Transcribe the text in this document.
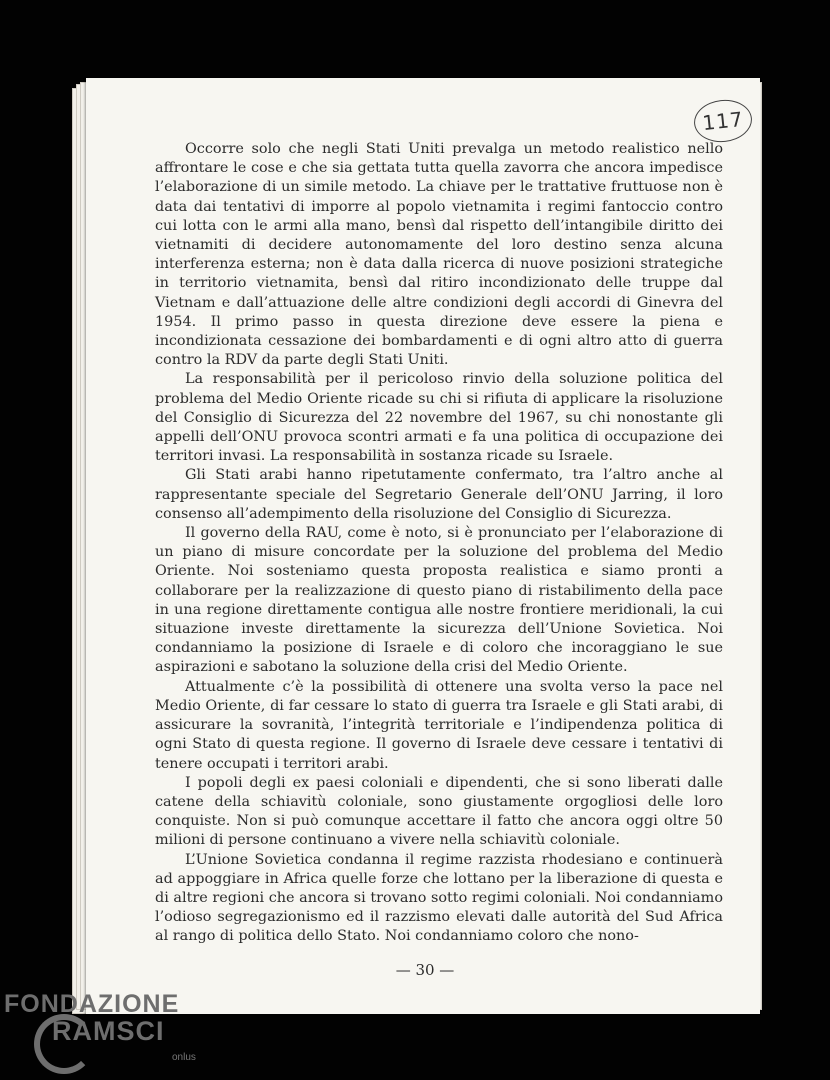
117

Occorre solo che negli Stati Uniti prevalga un metodo realistico nello affrontare le cose e che sia gettata tutta quella zavorra che ancora impedisce l’elaborazione di un simile metodo. La chiave per le trattative fruttuose non è data dai tentativi di imporre al popolo vietnamita i regimi fantoccio contro cui lotta con le armi alla mano, bensì dal rispetto dell’intangibile diritto dei vietnamiti di decidere autonomamente del loro destino senza alcuna interferenza esterna; non è data dalla ricerca di nuove posizioni strategiche in territorio vietnamita, bensì dal ritiro incondizionato delle truppe dal Vietnam e dall’attuazione delle altre condizioni degli accordi di Ginevra del 1954. Il primo passo in questa direzione deve essere la piena e incondizionata cessazione dei bombardamenti e di ogni altro atto di guerra contro la RDV da parte degli Stati Uniti.

La responsabilità per il pericoloso rinvio della soluzione politica del problema del Medio Oriente ricade su chi si rifiuta di applicare la risoluzione del Consiglio di Sicurezza del 22 novembre del 1967, su chi nonostante gli appelli dell’ONU provoca scontri armati e fa una politica di occupazione dei territori invasi. La responsabilità in sostanza ricade su Israele.

Gli Stati arabi hanno ripetutamente confermato, tra l’altro anche al rappresentante speciale del Segretario Generale dell’ONU Jarring, il loro consenso all’adempimento della risoluzione del Consiglio di Sicurezza.

Il governo della RAU, come è noto, si è pronunciato per l’elaborazione di un piano di misure concordate per la soluzione del problema del Medio Oriente. Noi sosteniamo questa proposta realistica e siamo pronti a collaborare per la realizzazione di questo piano di ristabilimento della pace in una regione direttamente contigua alle nostre frontiere meridionali, la cui situazione investe direttamente la sicurezza dell’Unione Sovietica. Noi condanniamo la posizione di Israele e di coloro che incoraggiano le sue aspirazioni e sabotano la soluzione della crisi del Medio Oriente.

Attualmente c’è la possibilità di ottenere una svolta verso la pace nel Medio Oriente, di far cessare lo stato di guerra tra Israele e gli Stati arabi, di assicurare la sovranità, l’integrità territoriale e l’indipendenza politica di ogni Stato di questa regione. Il governo di Israele deve cessare i tentativi di tenere occupati i territori arabi.

I popoli degli ex paesi coloniali e dipendenti, che si sono liberati dalle catene della schiavitù coloniale, sono giustamente orgogliosi delle loro conquiste. Non si può comunque accettare il fatto che ancora oggi oltre 50 milioni di persone continuano a vivere nella schiavitù coloniale.

L’Unione Sovietica condanna il regime razzista rhodesiano e continuerà ad appoggiare in Africa quelle forze che lottano per la liberazione di questa e di altre regioni che ancora si trovano sotto regimi coloniali. Noi condanniamo l’odioso segregazionismo ed il razzismo elevati dalle autorità del Sud Africa al rango di politica dello Stato. Noi condanniamo coloro che nono-

— 30 —
FONDAZIONE
RAMSCI
onlus
